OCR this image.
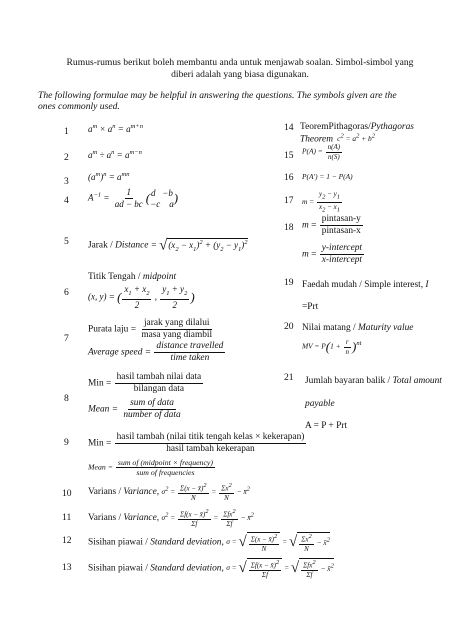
Rumus-rumus berikut boleh membantu anda untuk menjawab soalan. Simbol-simbol yang
diberi adalah yang biasa digunakan.
The following formulae may be helpful in answering the questions. The symbols given are the
ones commonly used.
1
2
3
4
5
6
7
8
9
10
11
12
13
$a^m \times a^n = a^{m+n}$
$a^m \div a^n = a^{m-n}$
$(a^m)^n = a^{mn}$
$A^{-1} = \frac{1}{ad - bc}$ ( d   −b
−c    a )
Jarak / Distance = $√(x_2 - x_1)^2 + (y_2 - y_1)^2$
Titik Tengah / midpoint
(x, y) = ( $\frac{x_1 + x_2}{2}$ , $\frac{y_1 + y_2}{2}$ )
Purata laju = $\frac{\text{jarak yang dilalui}}{\text{masa yang diambil}}$
Average speed = $\frac{\text{distance travelled}}{\text{time taken}}$
Min = $\frac{\text{hasil tambah nilai data}}{\text{bilangan data}}$
Mean = $\frac{\text{sum of data}}{\text{number of data}}$
Min = $\frac{\text{hasil tambah (nilai titik tengah kelas × kekerapan)}}{\text{hasil tambah kekerapan}}$
Mean = $\frac{\text{sum of (midpoint × frequency)}}{\text{sum of frequencies}}$
Varians / Variance, $\sigma^2 = \frac{\Sigma(x - x̄)^2}{N} = \frac{\Sigma x^2}{N}$ − x̄$^2$
Varians / Variance, $\sigma^2 = \frac{\Sigma f(x - x̄)^2}{\Sigma f} = \frac{\Sigma fx^2}{\Sigma f}$ − x̄$^2$
Sisihan piawai / Standard deviation, σ = √ $\frac{\Sigma(x - x̄)^2}{N}$ = √ $\frac{\Sigma x^2}{N}$ − x̄$^2$
Sisihan piawai / Standard deviation, σ = √ $\frac{\Sigma f(x - x̄)^2}{\Sigma f}$ = √ $\frac{\Sigma fx^2}{\Sigma f}$ − x̄$^2$
14
15
16
17
18
19
20
21
TeoremPithagoras/Pythagoras
Theorem  $c^2 = a^2 + b^2$
$P(A) = \frac{n(A)}{n(S)}$
P(A′) = 1 − P(A)
$m = \frac{y_2 - y_1}{x_2 - x_1}$
$m = \frac{\text{pintasan-y}}{\text{pintasan-x}}$
$m = \frac{\text{y-intercept}}{\text{x-intercept}}$
Faedah mudah / Simple interest, I
=Prt
Nilai matang / Maturity value
MV = $P(1 + \frac{r}{n} )^{nt}$
Jumlah bayaran balik / Total amount
payable
A = P + Prt
